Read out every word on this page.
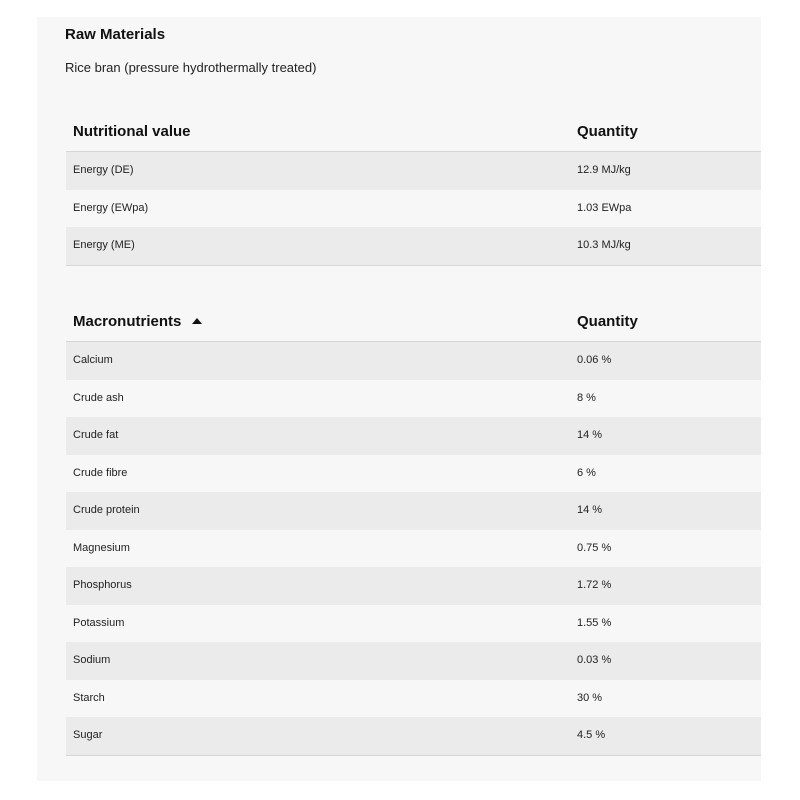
Raw Materials
Rice bran (pressure hydrothermally treated)
Nutritional value	Quantity
Energy (DE)	12.9 MJ/kg
Energy (EWpa)	1.03 EWpa
Energy (ME)	10.3 MJ/kg
Macronutrients	Quantity
Calcium	0.06 %
Crude ash	8 %
Crude fat	14 %
Crude fibre	6 %
Crude protein	14 %
Magnesium	0.75 %
Phosphorus	1.72 %
Potassium	1.55 %
Sodium	0.03 %
Starch	30 %
Sugar	4.5 %
